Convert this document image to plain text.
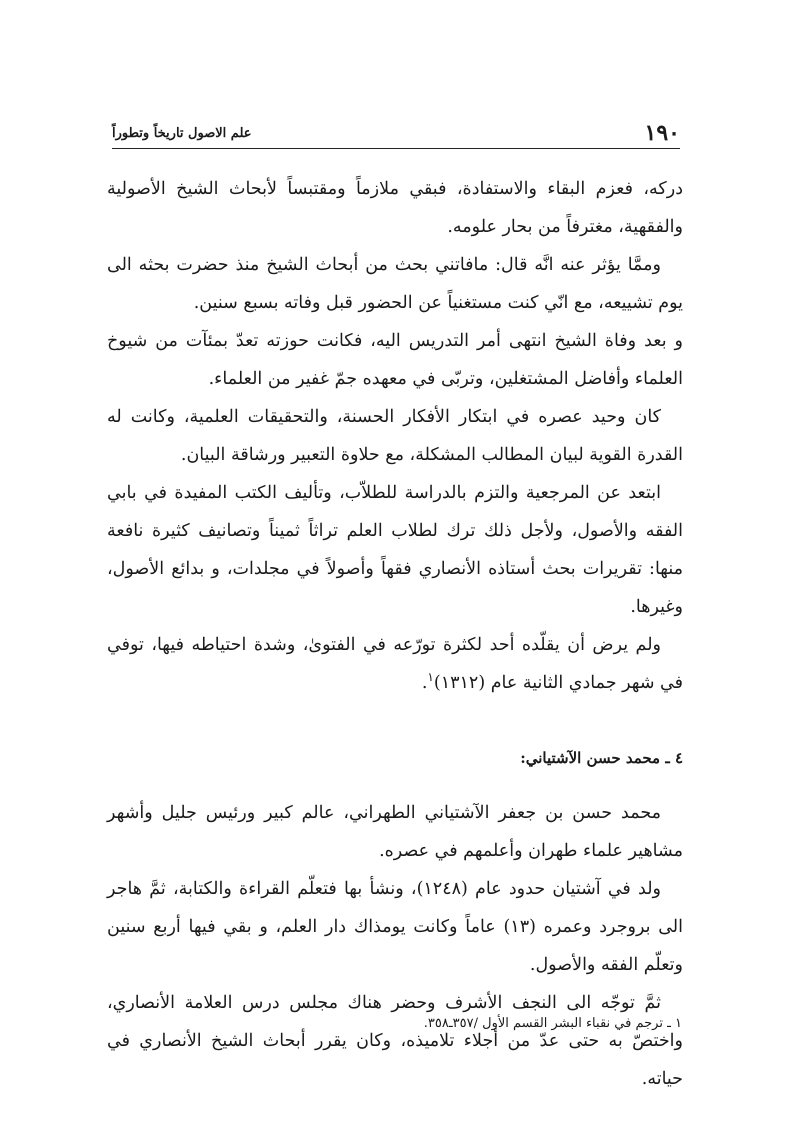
١٩٠
علم الاصول تاريخاً وتطوراً

دركه، فعزم البقاء والاستفادة، فبقي ملازماً ومقتبساً لأبحاث الشيخ الأصولية والفقهية، مغترفاً من بحار علومه.

وممَّا يؤثر عنه انَّه قال: مافاتني بحث من أبحاث الشيخ منذ حضرت بحثه الى يوم تشييعه، مع انّي كنت مستغنياً عن الحضور قبل وفاته بسبع سنين.

و بعد وفاة الشيخ انتهى أمر التدريس اليه، فكانت حوزته تعدّ بمئآت من شيوخ العلماء وأفاضل المشتغلين، وتربّى في معهده جمّ غفير من العلماء.

كان وحيد عصره في ابتكار الأفكار الحسنة، والتحقيقات العلمية، وكانت له القدرة القوية لبيان المطالب المشكلة، مع حلاوة التعبير ورشاقة البيان.

ابتعد عن المرجعية والتزم بالدراسة للطلاّب، وتأليف الكتب المفيدة في بابي الفقه والأصول، ولأجل ذلك ترك لطلاب العلم تراثاً ثميناً وتصانيف كثيرة نافعة منها: تقريرات بحث أستاذه الأنصاري فقهاً وأصولاً في مجلدات، و بدائع الأصول، وغيرها.

ولم يرض أن يقلّده أحد لكثرة تورّعه في الفتوىٰ، وشدة احتياطه فيها، توفي في شهر جمادي الثانية عام (١٣١٢)$^١$.

٤ ـ محمد حسن الآشتياني:

محمد حسن بن جعفر الآشتياني الطهراني، عالم كبير ورئيس جليل وأشهر مشاهير علماء طهران وأعلمهم في عصره.

ولد في آشتيان حدود عام (١٢٤٨)، ونشأ بها فتعلّم القراءة والكتابة، ثمَّ هاجر الى بروجرد وعمره (١٣) عاماً وكانت يومذاك دار العلم، و بقي فيها أربع سنين وتعلّم الفقه والأصول.

ثمَّ توجّه الى النجف الأشرف وحضر هناك مجلس درس العلامة الأنصاري، واختصّ به حتى عدّ من أجلاء تلاميذه، وكان يقرر أبحاث الشيخ الأنصاري في حياته.

١ ـ ترجم في نقباء البشر القسم الأول /٣٥٧ـ٣٥٨.
